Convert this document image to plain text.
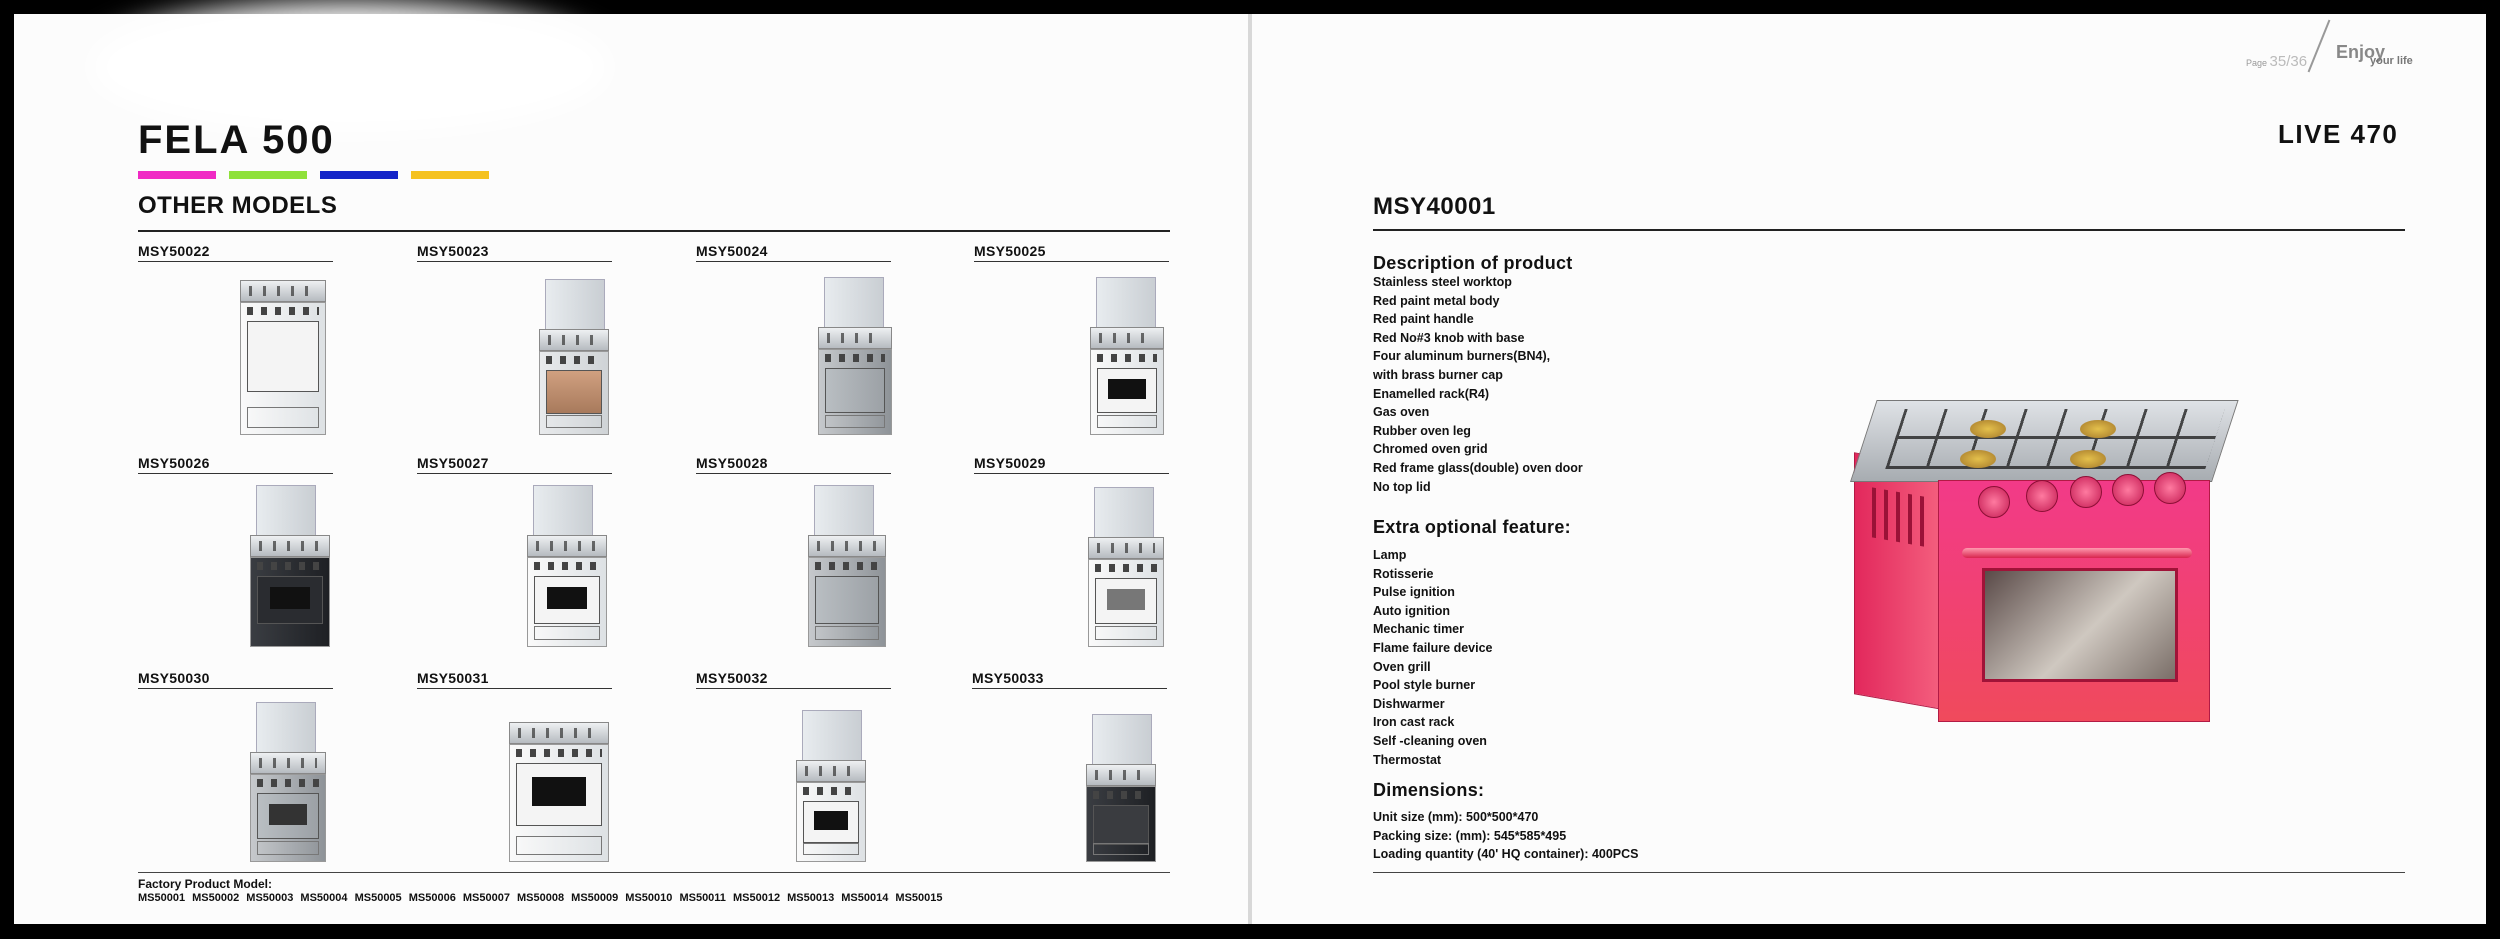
FELA 500
OTHER MODELS
MSY50022	MSY50023	MSY50024	MSY50025
MSY50026	MSY50027	MSY50028	MSY50029
MSY50030	MSY50031	MSY50032	MSY50033
Factory Product Model:
MS50001 MS50002 MS50003 MS50004 MS50005 MS50006 MS50007 MS50008 MS50009 MS50010 MS50011 MS50012 MS50013 MS50014 MS50015
Page 35/36 Enjoy
your life
LIVE 470
MSY40001
Description of product
Stainless steel worktop
Red paint metal body
Red paint handle
Red No#3 knob with base
Four aluminum burners(BN4),
with brass burner cap
Enamelled rack(R4)
Gas oven
Rubber oven leg
Chromed oven grid
Red frame glass(double) oven door
No top lid
Extra optional feature:
Lamp
Rotisserie
Pulse ignition
Auto ignition
Mechanic timer
Flame failure device
Oven grill
Pool style burner
Dishwarmer
Iron cast rack
Self -cleaning oven
Thermostat
Dimensions:
Unit size (mm): 500*500*470
Packing size: (mm): 545*585*495
Loading quantity (40' HQ container): 400PCS
